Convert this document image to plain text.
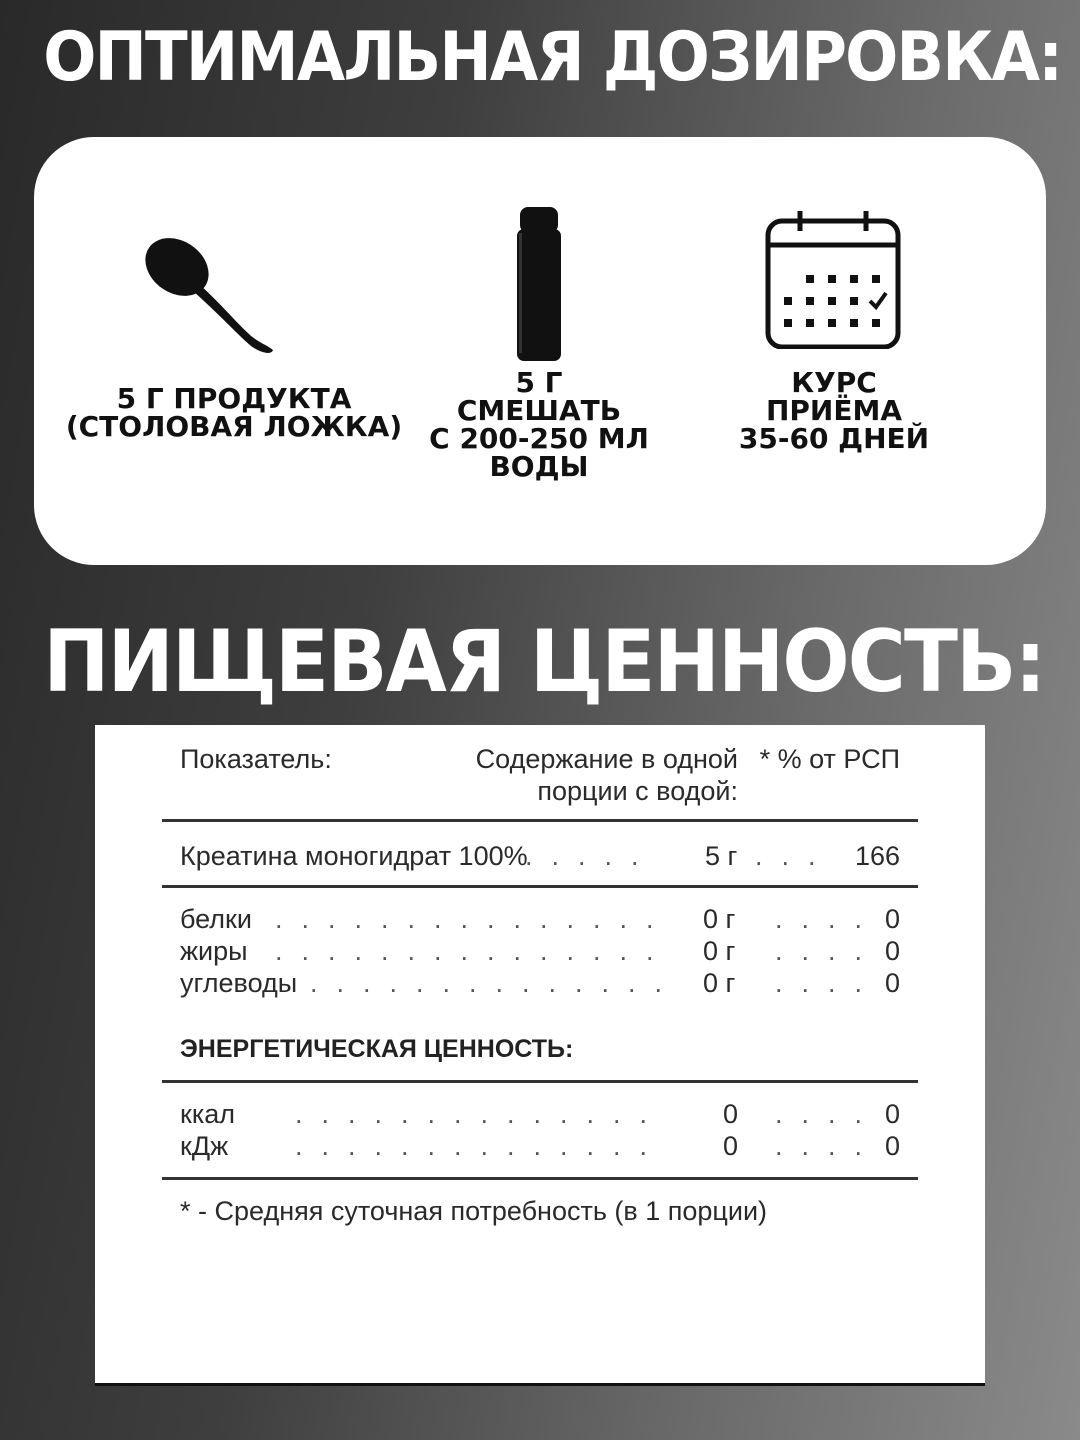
ОПТИМАЛЬНАЯ ДОЗИРОВКА:
5 Г ПРОДУКТА
(СТОЛОВАЯ ЛОЖКА)
5 Г
СМЕШАТЬ
С 200-250 МЛ
ВОДЫ
КУРС
ПРИЁМА
35-60 ДНЕЙ
ПИЩЕВАЯ ЦЕННОСТЬ:
Показатель:	Содержание в одной
порции с водой:
* % от РСП
Креатина моногидрат 100%
..... 5 г ... 166
белки ............... 0 г .... 0
жиры ............... 0 г .... 0
углеводы .............. 0 г .... 0
ЭНЕРГЕТИЧЕСКАЯ ЦЕННОСТЬ:
ккал .............. 0 .... 0
кДж .............. 0 .... 0
* - Средняя суточная потребность (в 1 порции)
